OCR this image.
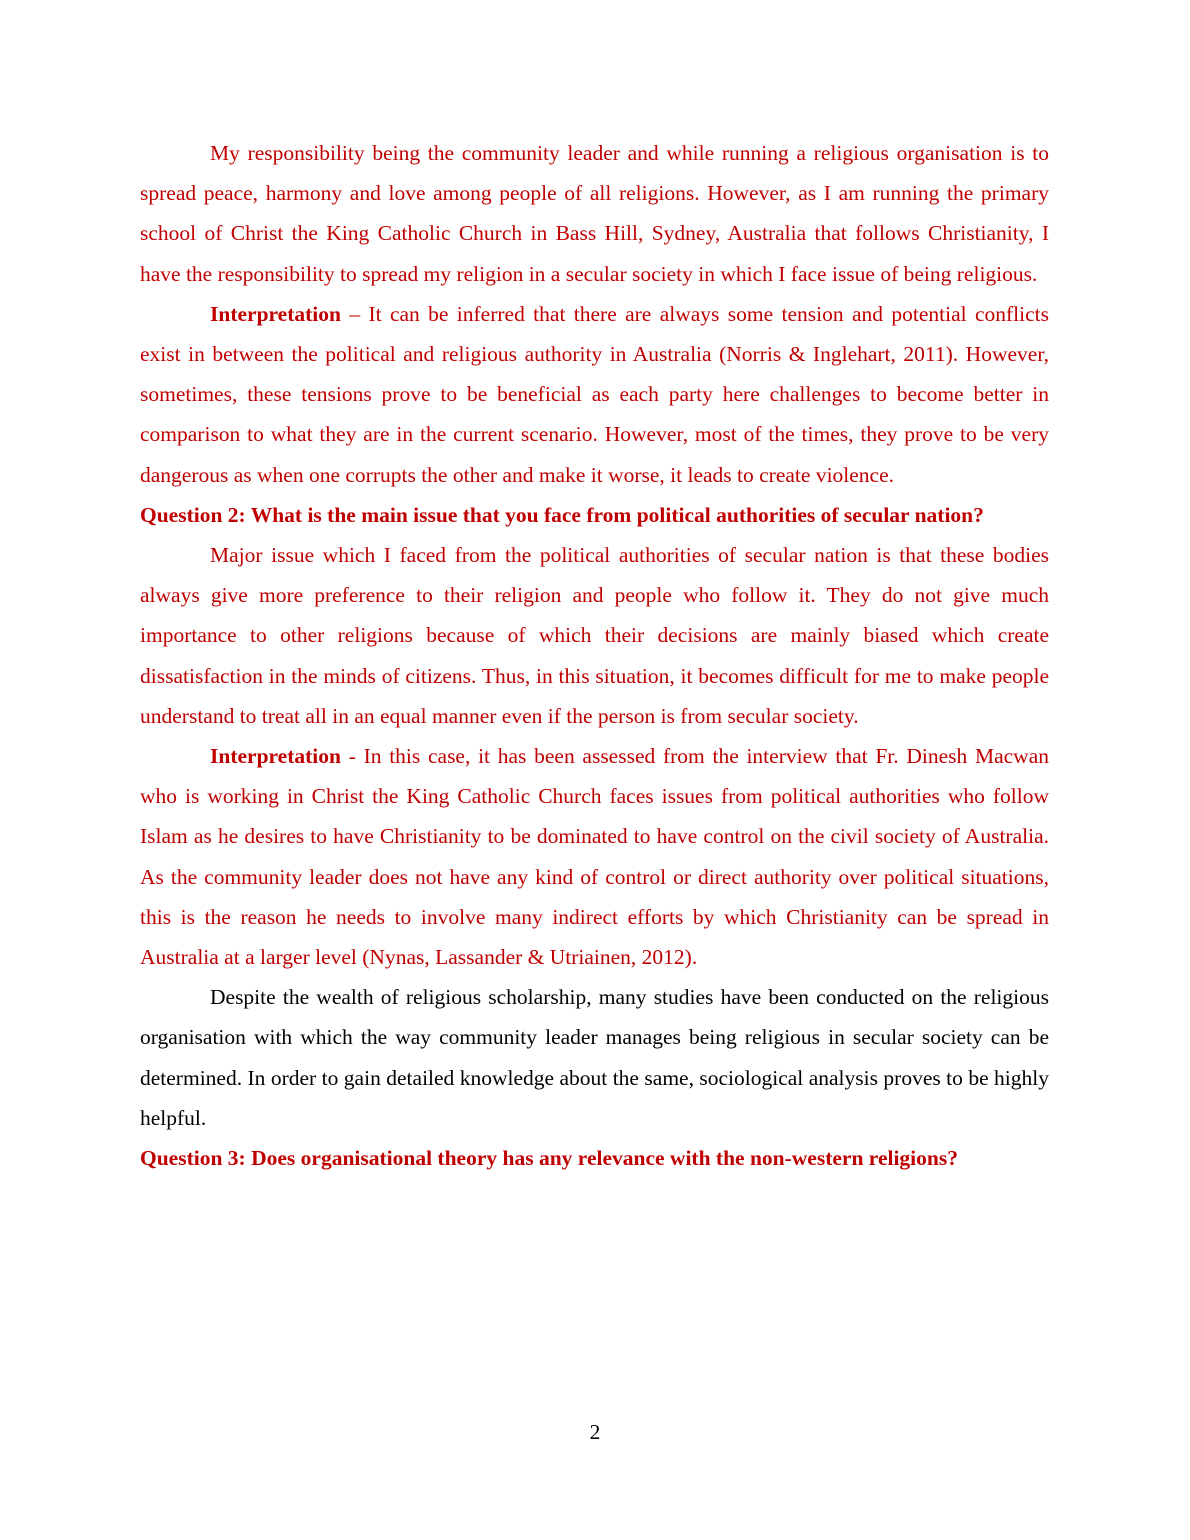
My responsibility being the community leader and while running a religious organisation is to spread peace, harmony and love among people of all religions. However, as I am running the primary school of Christ the King Catholic Church in Bass Hill, Sydney, Australia that follows Christianity, I have the responsibility to spread my religion in a secular society in which I face issue of being religious.

Interpretation – It can be inferred that there are always some tension and potential conflicts exist in between the political and religious authority in Australia (Norris & Inglehart, 2011). However, sometimes, these tensions prove to be beneficial as each party here challenges to become better in comparison to what they are in the current scenario. However, most of the times, they prove to be very dangerous as when one corrupts the other and make it worse, it leads to create violence.

Question 2: What is the main issue that you face from political authorities of secular nation?

Major issue which I faced from the political authorities of secular nation is that these bodies always give more preference to their religion and people who follow it. They do not give much importance to other religions because of which their decisions are mainly biased which create dissatisfaction in the minds of citizens. Thus, in this situation, it becomes difficult for me to make people understand to treat all in an equal manner even if the person is from secular society.

Interpretation - In this case, it has been assessed from the interview that Fr. Dinesh Macwan who is working in Christ the King Catholic Church faces issues from political authorities who follow Islam as he desires to have Christianity to be dominated to have control on the civil society of Australia. As the community leader does not have any kind of control or direct authority over political situations, this is the reason he needs to involve many indirect efforts by which Christianity can be spread in Australia at a larger level (Nynas, Lassander & Utriainen, 2012).

Despite the wealth of religious scholarship, many studies have been conducted on the religious organisation with which the way community leader manages being religious in secular society can be determined. In order to gain detailed knowledge about the same, sociological analysis proves to be highly helpful.

Question 3: Does organisational theory has any relevance with the non-western religions?

2
